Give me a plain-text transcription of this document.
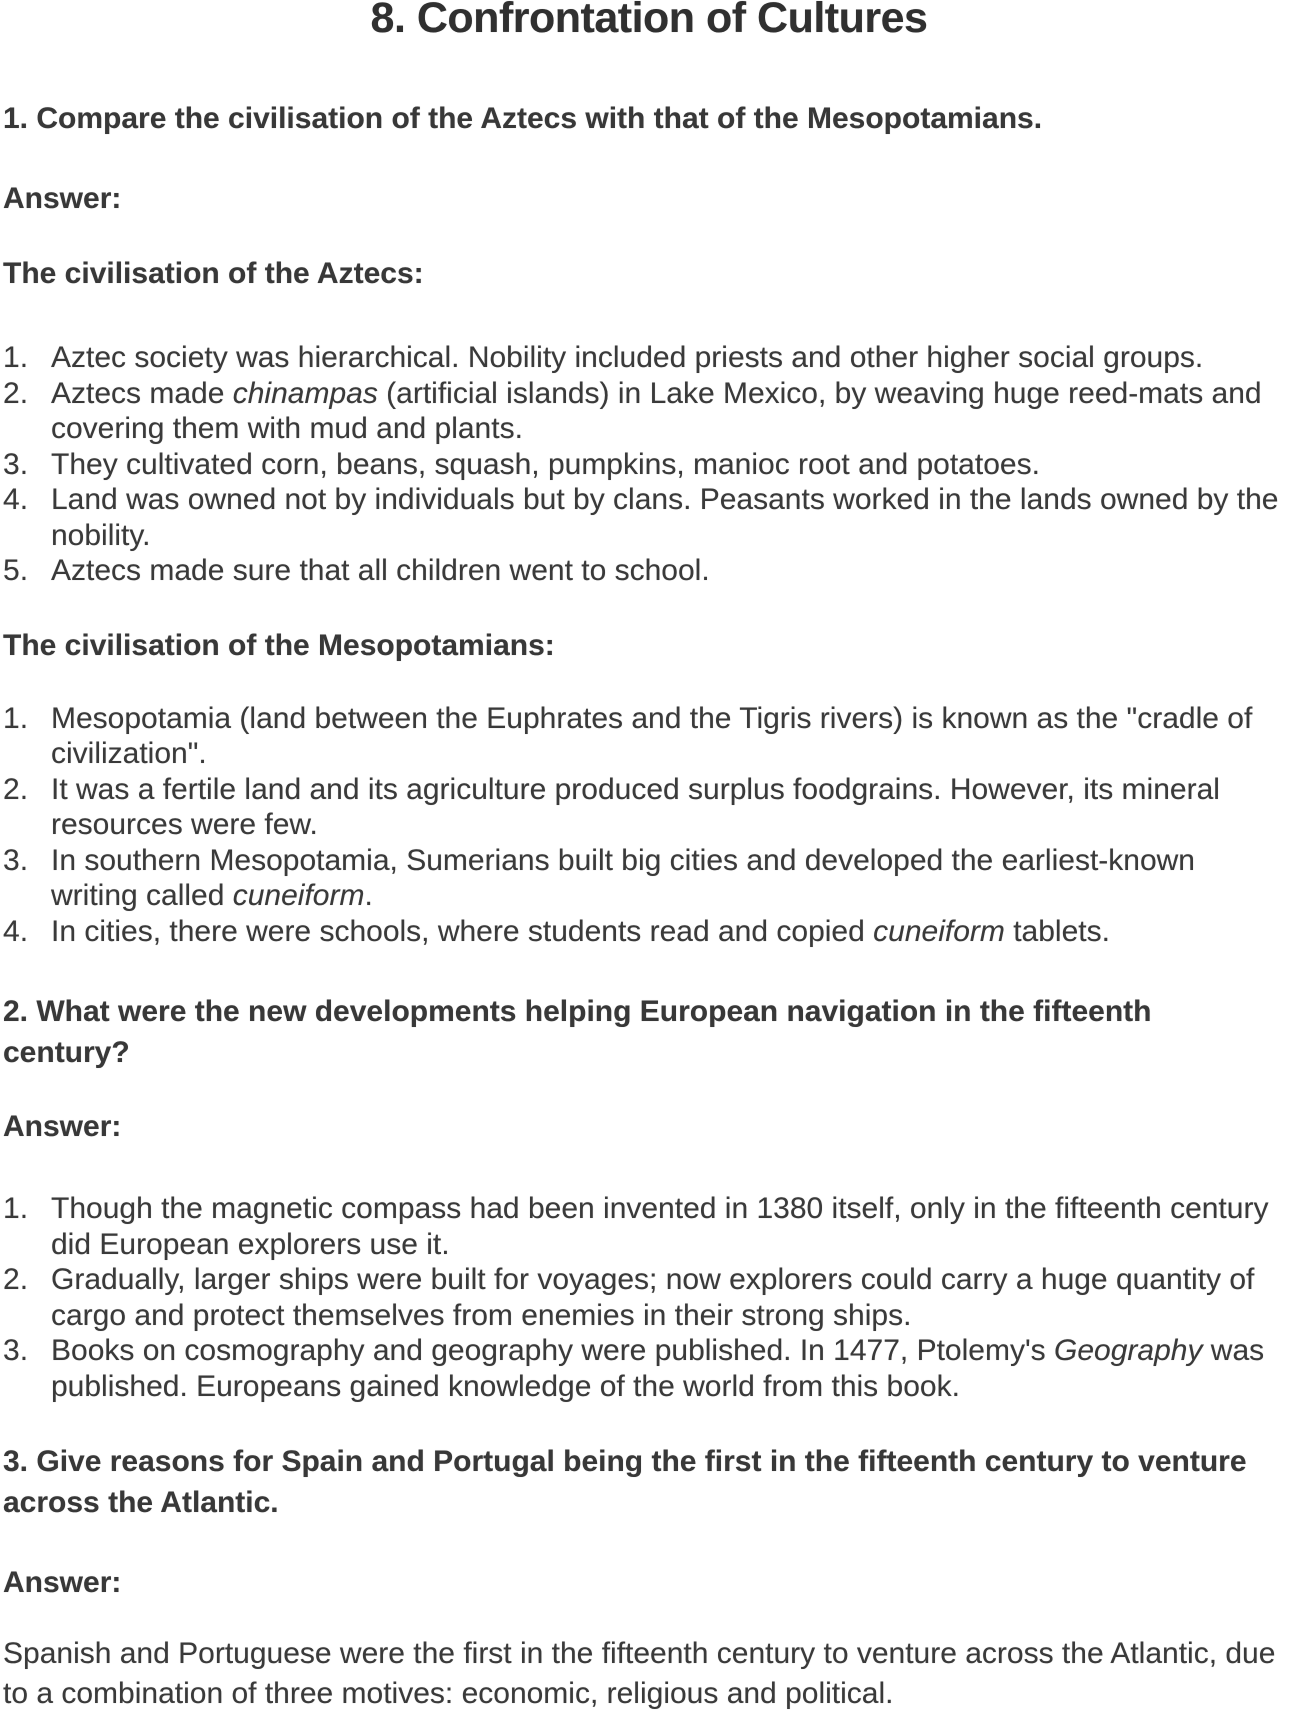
8. Confrontation of Cultures

1. Compare the civilisation of the Aztecs with that of the Mesopotamians.

Answer:

The civilisation of the Aztecs:

Aztec society was hierarchical. Nobility included priests and other higher social groups.
Aztecs made chinampas (artificial islands) in Lake Mexico, by weaving huge reed-mats and covering them with mud and plants.
They cultivated corn, beans, squash, pumpkins, manioc root and potatoes.
Land was owned not by individuals but by clans. Peasants worked in the lands owned by the nobility.
Aztecs made sure that all children went to school.

The civilisation of the Mesopotamians:

Mesopotamia (land between the Euphrates and the Tigris rivers) is known as the "cradle of civilization".
It was a fertile land and its agriculture produced surplus foodgrains. However, its mineral resources were few.
In southern Mesopotamia, Sumerians built big cities and developed the earliest-known writing called cuneiform.
In cities, there were schools, where students read and copied cuneiform tablets.

2. What were the new developments helping European navigation in the fifteenth century?

Answer:

Though the magnetic compass had been invented in 1380 itself, only in the fifteenth century did European explorers use it.
Gradually, larger ships were built for voyages; now explorers could carry a huge quantity of cargo and protect themselves from enemies in their strong ships.
Books on cosmography and geography were published. In 1477, Ptolemy's Geography was published. Europeans gained knowledge of the world from this book.

3. Give reasons for Spain and Portugal being the first in the fifteenth century to venture across the Atlantic.

Answer:

Spanish and Portuguese were the first in the fifteenth century to venture across the Atlantic, due to a combination of three motives: economic, religious and political.
